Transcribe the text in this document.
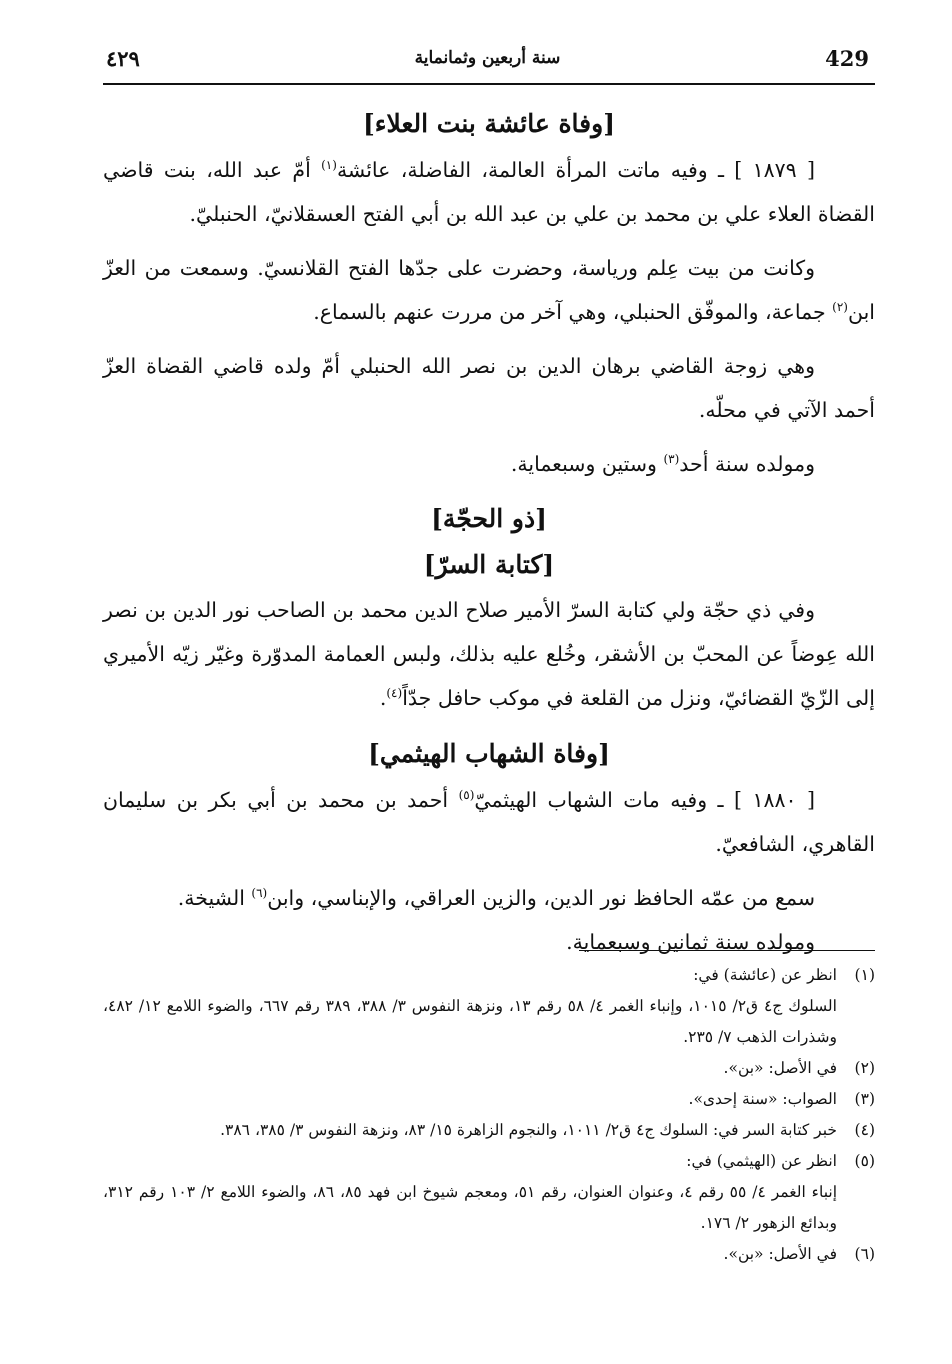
429
سنة أربعين وثمانماية
٤٢٩
[وفاة عائشة بنت العلاء]

[ ١٨٧٩ ] ـ وفيه ماتت المرأة العالمة، الفاضلة، عائشة$^{(١)}$ أمّ عبد الله، بنت قاضي القضاة العلاء علي بن محمد بن علي بن عبد الله بن أبي الفتح العسقلانيّ، الحنبليّ.

وكانت من بيت عِلم ورياسة، وحضرت على جدّها الفتح القلانسيّ. وسمعت من العزّ ابن$^{(٢)}$ جماعة، والموفّق الحنبلي، وهي آخر من مررت عنهم بالسماع.

وهي زوجة القاضي برهان الدين بن نصر الله الحنبلي أمّ ولده قاضي القضاة العزّ أحمد الآتي في محلّه.

ومولده سنة أحد$^{(٣)}$ وستين وسبعماية.

[ذو الحجّة]
[كتابة السرّ]

وفي ذي حجّة ولي كتابة السرّ الأمير صلاح الدين محمد بن الصاحب نور الدين بن نصر الله عِوضاً عن المحبّ بن الأشقر، وخُلع عليه بذلك، ولبس العمامة المدوّرة وغيّر زيّه الأميري إلى الزّيّ القضائيّ، ونزل من القلعة في موكب حافل جدّاً$^{(٤)}$.

[وفاة الشهاب الهيثمي]

[ ١٨٨٠ ] ـ وفيه مات الشهاب الهيثميّ$^{(٥)}$ أحمد بن محمد بن أبي بكر بن سليمان القاهري، الشافعيّ.

سمع من عمّه الحافظ نور الدين، والزين العراقي، والإبناسي، وابن$^{(٦)}$ الشيخة.

ومولده سنة ثمانين وسبعماية.

(١)
انظر عن (عائشة) في:
السلوك ج٤ ق٢/ ١٠١٥، وإنباء الغمر ٤/ ٥٨ رقم ١٣، ونزهة النفوس ٣/ ٣٨٨، ٣٨٩ رقم ٦٦٧، والضوء اللامع ١٢/ ٤٨٢، وشذرات الذهب ٧/ ٢٣٥.
(٢)
في الأصل: «بن».
(٣)
الصواب: «سنة إحدى».
(٤)
خبر كتابة السر في: السلوك ج٤ ق٢/ ١٠١١، والنجوم الزاهرة ١٥/ ٨٣، ونزهة النفوس ٣/ ٣٨٥، ٣٨٦.
(٥)
انظر عن (الهيثمي) في:
إنباء الغمر ٤/ ٥٥ رقم ٤، وعنوان العنوان، رقم ٥١، ومعجم شيوخ ابن فهد ٨٥، ٨٦، والضوء اللامع ٢/ ١٠٣ رقم ٣١٢، وبدائع الزهور ٢/ ١٧٦.
(٦)
في الأصل: «بن».
